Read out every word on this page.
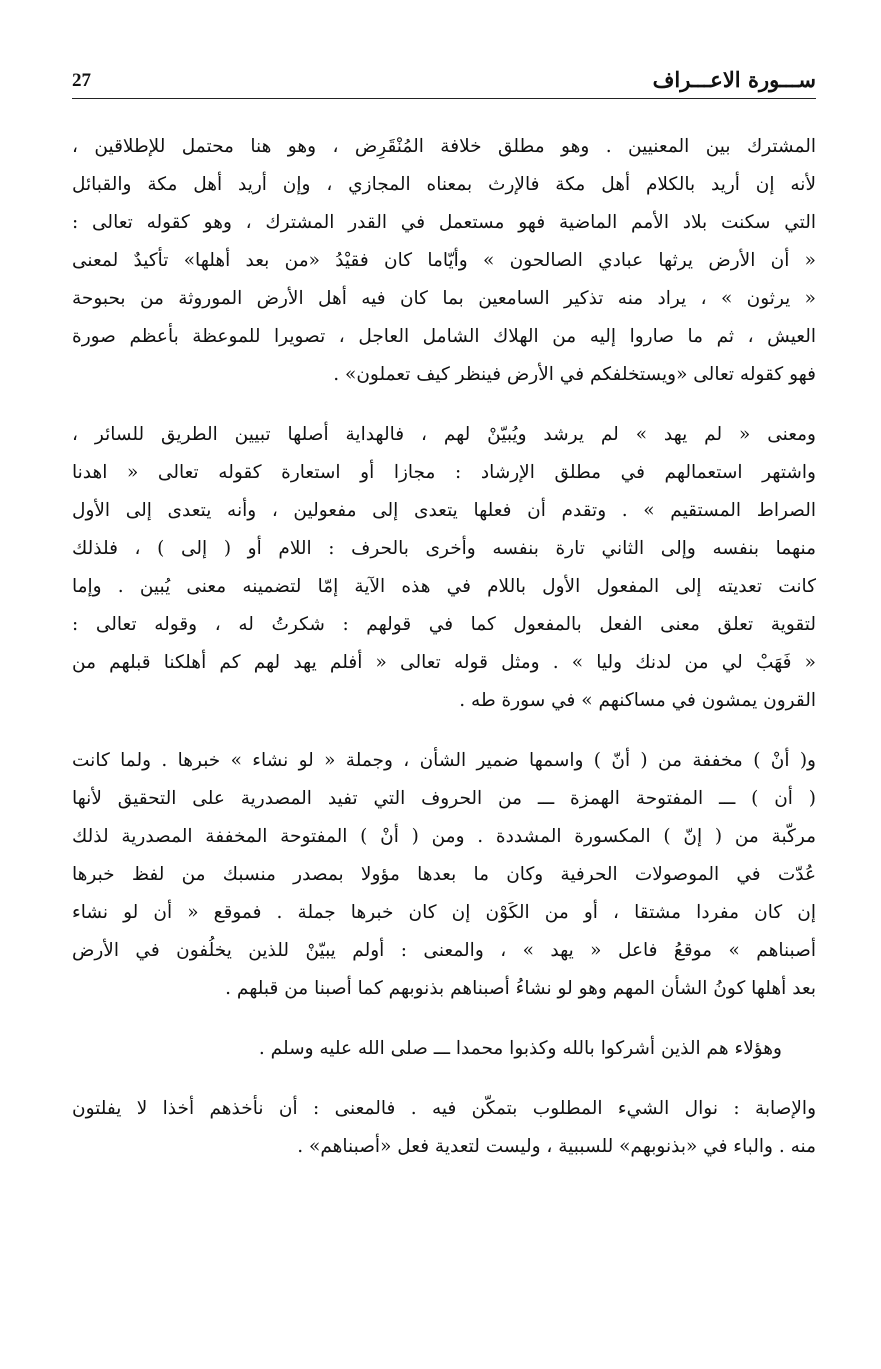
ســـورة الاعـــراف
27
المشترك بين المعنيين . وهو مطلق خلافة المُنْقَرِض ، وهو هنا محتمل للإطلاقين ،
لأنه إن أريد بالكلام أهل مكة فالإرث بمعناه المجازي ، وإن أريد أهل مكة والقبائل
التي سكنت بلاد الأمم الماضية فهو مستعمل في القدر المشترك ، وهو كقوله تعالى :
« أن الأرض يرثها عبادي الصالحون » وأيّاما كان فقيْدُ «من بعد أهلها» تأكيدٌ لمعنى
« يرثون » ، يراد منه تذكير السامعين بما كان فيه أهل الأرض الموروثة من بحبوحة
العيش ، ثم ما صاروا إليه من الهلاك الشامل العاجل ، تصويرا للموعظة بأعظم صورة
فهو كقوله تعالى «ويستخلفكم في الأرض فينظر كيف تعملون» .
ومعنى « لم يهد » لم يرشد ويُبيّنْ لهم ، فالهداية أصلها تبيين الطريق للسائر ،
واشتهر استعمالهم في مطلق الإرشاد : مجازا أو استعارة كقوله تعالى « اهدنا
الصراط المستقيم » . وتقدم أن فعلها يتعدى إلى مفعولين ، وأنه يتعدى إلى الأول
منهما بنفسه وإلى الثاني تارة بنفسه وأخرى بالحرف : اللام أو ( إلى ) ، فلذلك
كانت تعديته إلى المفعول الأول باللام في هذه الآية إمّا لتضمينه معنى يُبين . وإما
لتقوية تعلق معنى الفعل بالمفعول كما في قولهم : شكرتُ له ، وقوله تعالى :
« فَهَبْ لي من لدنك وليا » . ومثل قوله تعالى « أفلم يهد لهم كم أهلكنا قبلهم من
القرون يمشون في مساكنهم » في سورة طه .
و( أنْ ) مخففة من ( أنّ ) واسمها ضمير الشأن ، وجملة « لو نشاء » خبرها . ولما كانت
( أن ) ـــ المفتوحة الهمزة ـــ من الحروف التي تفيد المصدرية على التحقيق لأنها
مركّبة من ( إنّ ) المكسورة المشددة . ومن ( أنْ ) المفتوحة المخففة المصدرية لذلك
عُدّت في الموصولات الحرفية وكان ما بعدها مؤولا بمصدر منسبك من لفظ خبرها
إن كان مفردا مشتقا ، أو من الكَوْن إن كان خبرها جملة . فموقع « أن لو نشاء
أصبناهم » موقعُ فاعل « يهد » ، والمعنى : أولم يبيّنْ للذين يخلُفون في الأرض
بعد أهلها كونُ الشأن المهم وهو لو نشاءُ أصبناهم بذنوبهم كما أصبنا من قبلهم .
وهؤلاء هم الذين أشركوا بالله وكذبوا محمدا ـــ صلى الله عليه وسلم .
والإصابة : نوال الشيء المطلوب بتمكّن فيه . فالمعنى : أن نأخذهم أخذا لا يفلتون
منه . والباء في «بذنوبهم» للسببية ، وليست لتعدية فعل «أصبناهم» .
